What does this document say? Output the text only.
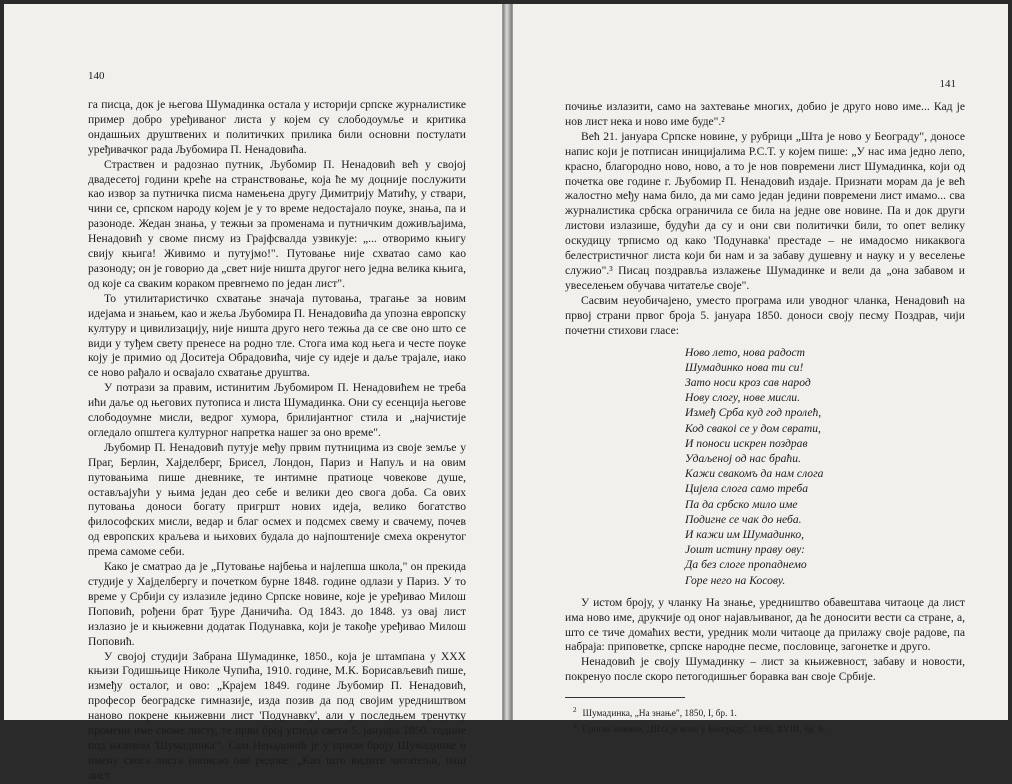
140

га писца, док је његова Шумадинка остала у историји српске журналистике пример добро уређиваног листа у којем су слободоумље и критика ондашњих друштвених и политичких прилика били основни постулати уређивачког рада Љубомира П. Ненадовића.

Страствен и радознао путник, Љубомир П. Ненадовић већ у својој двадесетој години креће на странствовање, која ће му доцније послужити као извор за путничка писма намењена другу Димитрију Матићу, у ствари, чини се, српском народу којем је у то време недостајало поуке, знања, па и разоноде. Жедан знања, у тежњи за променама и путничким доживљајима, Ненадовић у своме писму из Грајфсвалда узвикује: „... отворимо књигу свију књига! Живимо и путујмо!". Путовање није схватао само као разоноду; он је говорио да „свет није ништа другог него једна велика књига, од које са сваким кораком превrнемо по један лист".

То утилитаристичко схватање значаја путовања, трагање за новим идејама и знањем, као и жеља Љубомира П. Ненадовића да упозна европску културу и цивилизацију, није ништа друго него тежња да се све оно што се види у туђем свету пренесе на родно тле. Стога има код њега и честе поуке коју је примио од Доситеја Обрадовића, чије су идеје и даље трајале, иако се ново рађало и освајало схватање друштва.

У потрази за правим, истинитим Љубомиром П. Ненадовићем не треба ићи даље од његових путописа и листа Шумадинка. Они су есенција његове слободоумне мисли, ведрог хумора, брилијантног стила и „најчистије огледало општега културног напретка нашег за оно време".

Љубомир П. Ненадовић путује међу првим путницима из своје земље у Праг, Берлин, Хајделберг, Брисел, Лондон, Париз и Напуљ и на овим путовањима пише дневнике, те интимне пратиоце човекове душе, остављајући у њима један део себе и велики део свога доба. Са ових путовања доноси богату пригршт нових идеја, велико богатство философских мисли, ведар и благ осмех и подсмех свему и свачему, почев од европских краљева и њихових будала до најпоштеније смеха окренутог према самоме себи.

Како је сматрао да је „Путовање најбења и најлепша школа," он прекида студије у Хајделбергу и почетком бурне 1848. године одлази у Париз. У то време у Србији су излазиле једино Српске новине, које је уређивао Милош Поповић, рођени брат Ђуре Даничића. Од 1843. до 1848. уз овај лист излазио је и књижевни додатак Подунавка, који је такође уређивао Милош Поповић.

У својој студији Забрана Шумадинке, 1850., која је штампана у XXX књизи Годишњице Николе Чупића, 1910. године, М.К. Борисављевић пише, између осталог, и ово: „Крајем 1849. године Љубомир П. Ненадовић, професор београдске гимназије, изда позив да под својим уредништвом наново покрене књижевни лист 'Подунавку', али у последњем тренутку промени име своме листу, те први број угледа света 5. јануара 1850. године под називом 'Шумадинка'". Сам Ненадовић је у првом броју Шумадинке о имену свога листа написао ове редове: „Као што видите читатељи, наш лист

141

почиње излазити, само на захтевање многих, добио је друго ново име... Кад је нов лист нека и ново име буде".²

Већ 21. јануара Српске новине, у рубрици „Шта је ново у Београду", доносе напис који је потписан иницијалима Р.С.Т. у којем пише: „У нас има једно лепо, красно, благородно ново, ново, а то је нов повремени лист Шумадинка, који од почетка ове године г. Љубомир П. Ненадовић издаје. Признати морам да је већ жалостно међу нама било, да ми само један једини повремени лист имамо... сва журналистика србска ограничила се била на једне ове новине. Па и док други листови излазише, будући да су и они сви политички били, то опет велику оскудицу трписмо од како 'Подунавка' престаде – не имадосмо никаквога белестристичног листа који би нам и за забаву душевну и науку и у веселење служио".³ Писац поздравља излажење Шумадинке и вели да „она забавом и увеселењем обучава читатеље своје".

Сасвим неуобичајено, уместо програма или уводног чланка, Ненадовић на првој страни првог броја 5. јануара 1850. доноси своју песму Поздрав, чији почетни стихови гласе:

Ново лето, нова радост
Шумадинко нова ти си!
Зато носи кроз сав народ
Нову слогу, нове мисли.
Измеђ Срба куд год пролећ,
Код свакоі се у дом сврати,
И поноси искрен поздрав
Удаљеној од нас браћи.
Кажи свакомъ да нам слога
Цијела слога само треба
Па да србско мило име
Подигне се чак до неба.
И кажи им Шумадинко,
Јошт истину праву ову:
Да без слоге пропаднемо
Горе него на Косову.

У истом броју, у чланку На знање, уредништво обавештава читаоце да лист има ново име, друкчије од оног најављиваног, да ће доносити вести са стране, а, што се тиче домаћих вести, уредник моли читаоце да прилажу своје радове, па набраја: приповетке, српске народне песме, пословице, загонетке и друго.

Ненадовић је своју Шумадинку – лист за књижевност, забаву и новости, покренуо после скоро петогодишњег боравка ван своје Србије.

$^2$ Шумадинка, „На знање", 1850, I, бр. 1.
$^3$ Српске новине, „Шта је ново у Београду", 1850, XVIII, бр. 9.
